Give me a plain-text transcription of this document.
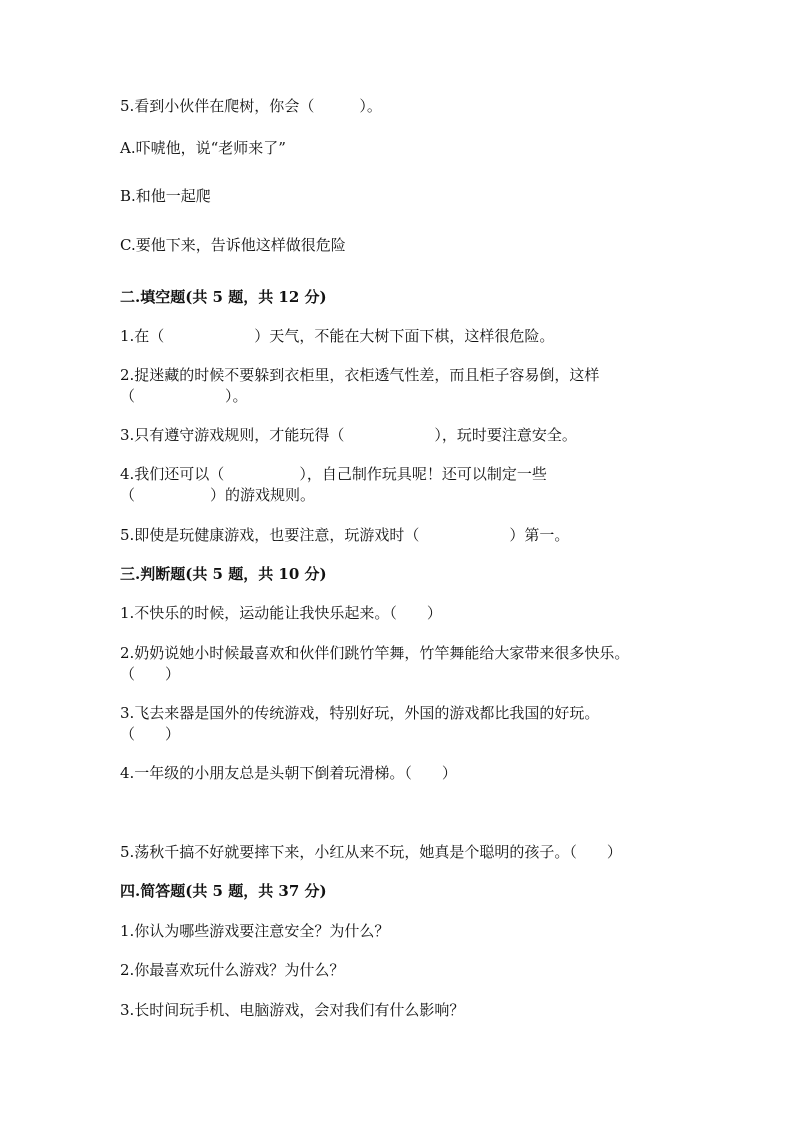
5.看到小伙伴在爬树，你会（　　　）。
A.吓唬他，说“老师来了”
B.和他一起爬
C.要他下来，告诉他这样做很危险
二.填空题(共 5 题，共 12 分)
1.在（　　　　　　）天气，不能在大树下面下棋，这样很危险。
2.捉迷藏的时候不要躲到衣柜里，衣柜透气性差，而且柜子容易倒，这样
（　　　　　　）。
3.只有遵守游戏规则，才能玩得（　　　　　　），玩时要注意安全。
4.我们还可以（　　　　　），自己制作玩具呢！还可以制定一些
（　　　　　）的游戏规则。
5.即使是玩健康游戏，也要注意，玩游戏时（　　　　　　）第一。
三.判断题(共 5 题，共 10 分)
1.不快乐的时候，运动能让我快乐起来。（　　）
2.奶奶说她小时候最喜欢和伙伴们跳竹竿舞，竹竿舞能给大家带来很多快乐。
（　　）
3.飞去来器是国外的传统游戏，特别好玩，外国的游戏都比我国的好玩。
（　　）
4.一年级的小朋友总是头朝下倒着玩滑梯。（　　）
5.荡秋千搞不好就要摔下来，小红从来不玩，她真是个聪明的孩子。（　　）
四.简答题(共 5 题，共 37 分)
1.你认为哪些游戏要注意安全？为什么？
2.你最喜欢玩什么游戏？为什么？
3.长时间玩手机、电脑游戏，会对我们有什么影响？
